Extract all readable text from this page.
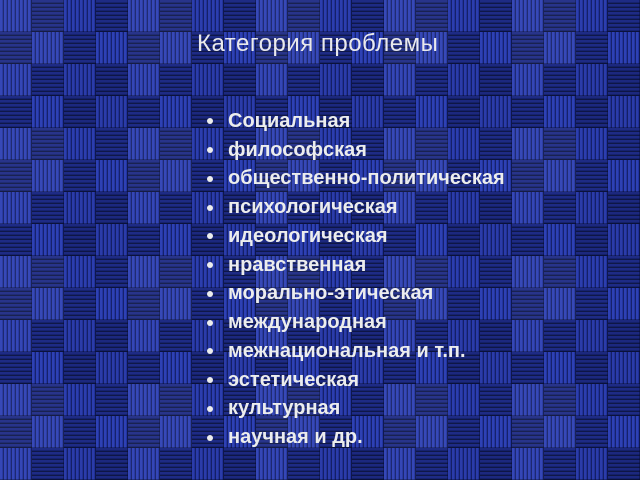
Категория проблемы
Социальная
философская
общественно-политическая
психологическая
идеологическая
нравственная
морально-этическая
международная
межнациональная и т.п.
эстетическая
культурная
научная и др.
